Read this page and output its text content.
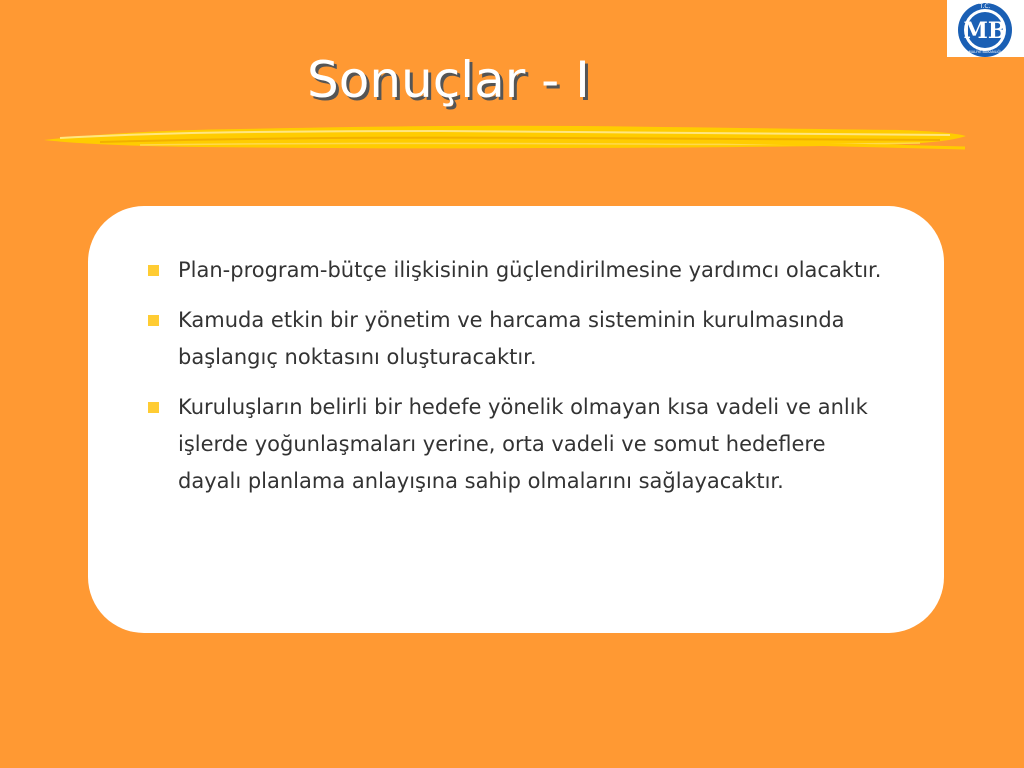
Sonuçlar - I
MB
T.C.
MALİYE BAKANLIĞI
Plan-program-bütçe ilişkisinin güçlendirilmesine yardımcı olacaktır.
Kamuda etkin bir yönetim ve harcama sisteminin kurulmasında başlangıç noktasını oluşturacaktır.
Kuruluşların belirli bir hedefe yönelik olmayan kısa vadeli ve anlık işlerde yoğunlaşmaları yerine, orta vadeli ve somut hedeflere dayalı planlama anlayışına sahip olmalarını sağlayacaktır.
